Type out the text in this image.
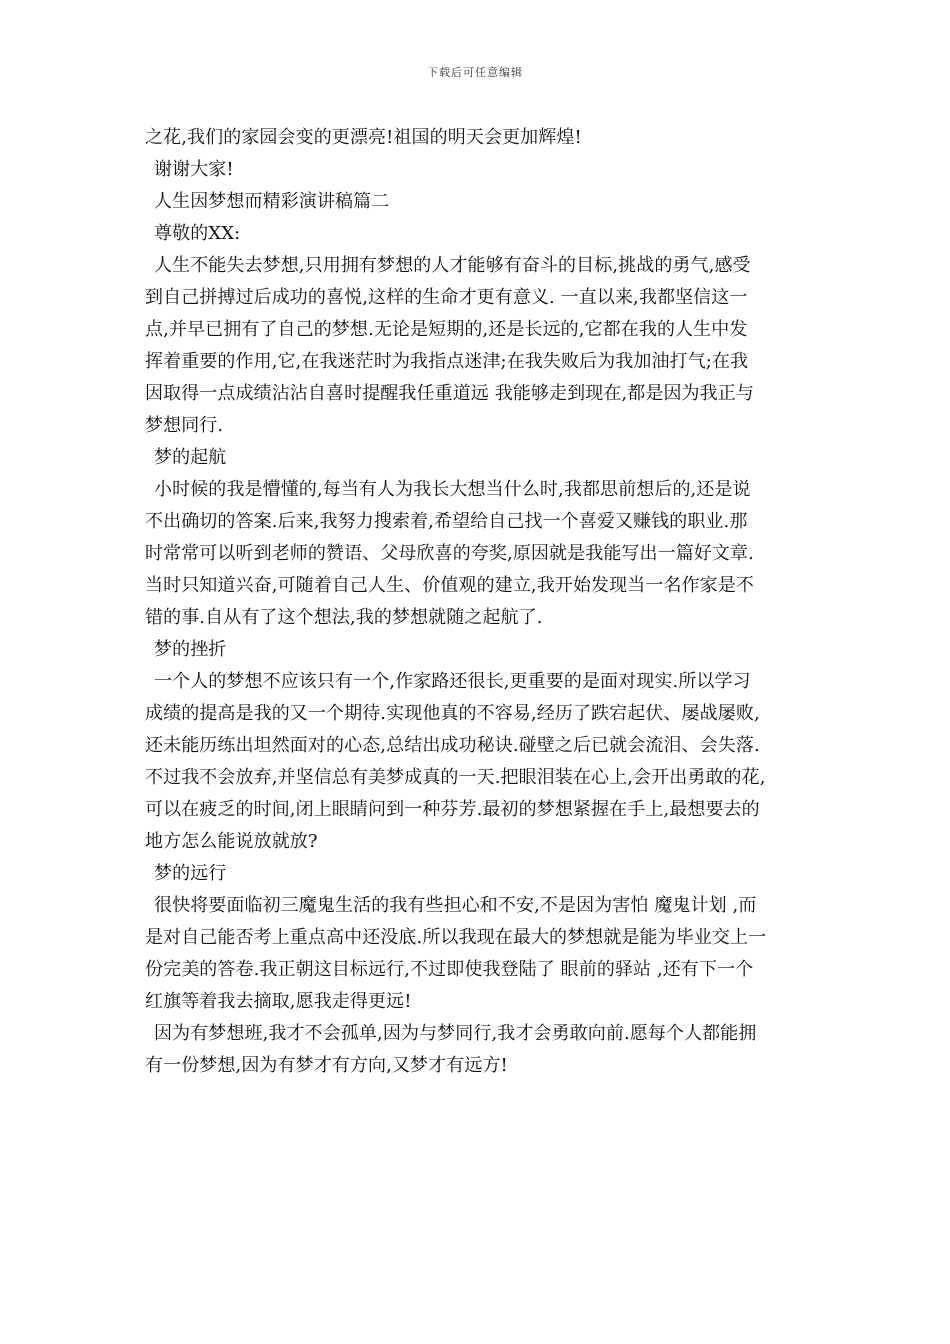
下载后可任意编辑
之花,我们的家园会变的更漂亮!祖国的明天会更加辉煌!
谢谢大家!
人生因梦想而精彩演讲稿篇二
尊敬的XX:
人生不能失去梦想,只用拥有梦想的人才能够有奋斗的目标,挑战的勇气,感受
到自己拼搏过后成功的喜悦,这样的生命才更有意义. 一直以来,我都坚信这一
点,并早已拥有了自己的梦想.无论是短期的,还是长远的,它都在我的人生中发
挥着重要的作用,它,在我迷茫时为我指点迷津;在我失败后为我加油打气;在我
因取得一点成绩沾沾自喜时提醒我任重道远 我能够走到现在,都是因为我正与
梦想同行.
梦的起航
小时候的我是懵懂的,每当有人为我长大想当什么时,我都思前想后的,还是说
不出确切的答案.后来,我努力搜索着,希望给自己找一个喜爱又赚钱的职业.那
时常常可以听到老师的赞语、父母欣喜的夸奖,原因就是我能写出一篇好文章.
当时只知道兴奋,可随着自己人生、价值观的建立,我开始发现当一名作家是不
错的事.自从有了这个想法,我的梦想就随之起航了.
梦的挫折
一个人的梦想不应该只有一个,作家路还很长,更重要的是面对现实.所以学习
成绩的提高是我的又一个期待.实现他真的不容易,经历了跌宕起伏、屡战屡败,
还未能历练出坦然面对的心态,总结出成功秘诀.碰壁之后已就会流泪、会失落.
不过我不会放弃,并坚信总有美梦成真的一天.把眼泪装在心上,会开出勇敢的花,
可以在疲乏的时间,闭上眼睛问到一种芬芳.最初的梦想紧握在手上,最想要去的
地方怎么能说放就放?
梦的远行
很快将要面临初三魔鬼生活的我有些担心和不安,不是因为害怕 魔鬼计划 ,而
是对自己能否考上重点高中还没底.所以我现在最大的梦想就是能为毕业交上一
份完美的答卷.我正朝这目标远行,不过即使我登陆了 眼前的驿站 ,还有下一个
红旗等着我去摘取,愿我走得更远!
因为有梦想班,我才不会孤单,因为与梦同行,我才会勇敢向前.愿每个人都能拥
有一份梦想,因为有梦才有方向,又梦才有远方!
